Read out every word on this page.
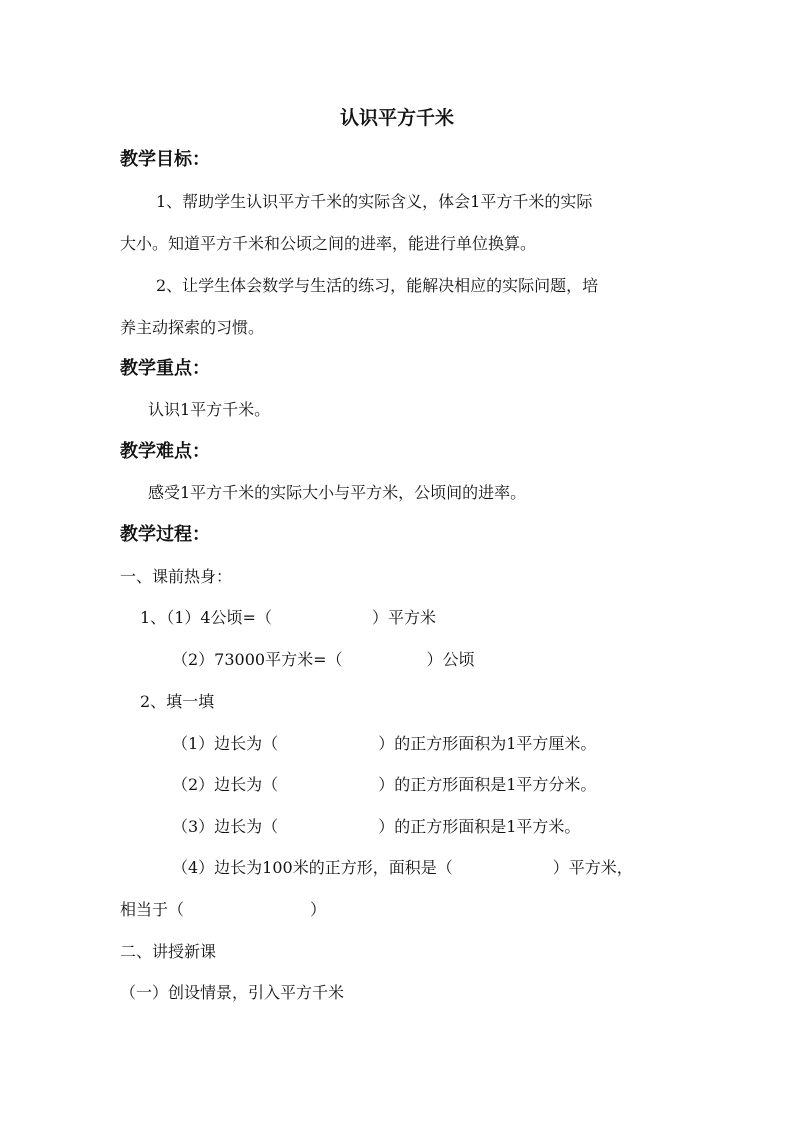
认识平方千米
教学目标：
1、帮助学生认识平方千米的实际含义，体会1平方千米的实际
大小。知道平方千米和公顷之间的进率，能进行单位换算。
2、让学生体会数学与生活的练习，能解决相应的实际问题，培
养主动探索的习惯。
教学重点：
认识1平方千米。
教学难点：
感受1平方千米的实际大小与平方米，公顷间的进率。
教学过程：
一、课前热身：
1、（1）4公顷=（	）平方米
（2）73000平方米=（	）公顷
2、填一填
（1）边长为（	）的正方形面积为1平方厘米。
（2）边长为（	）的正方形面积是1平方分米。
（3）边长为（	）的正方形面积是1平方米。
（4）边长为100米的正方形，面积是（	）平方米，
相当于（	）
二、讲授新课
（一）创设情景，引入平方千米
